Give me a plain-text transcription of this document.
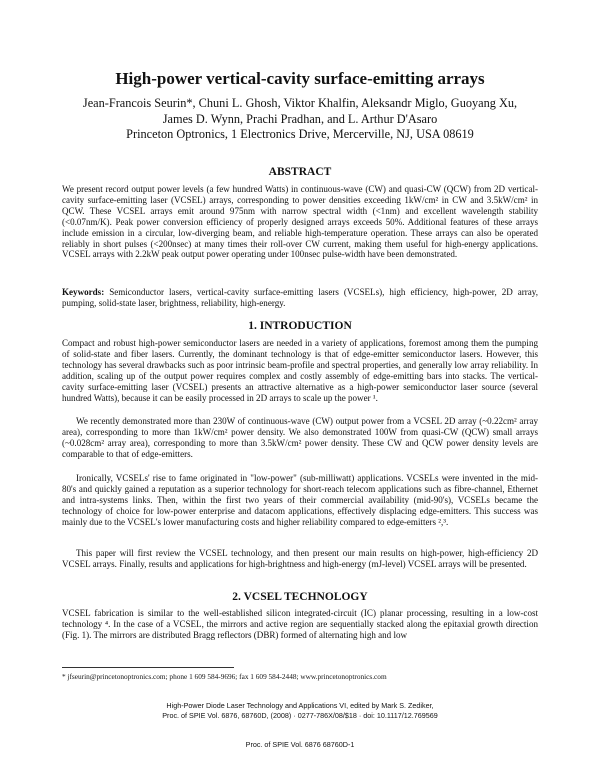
High-power vertical-cavity surface-emitting arrays
Jean-Francois Seurin*, Chuni L. Ghosh, Viktor Khalfin, Aleksandr Miglo, Guoyang Xu,
James D. Wynn, Prachi Pradhan, and L. Arthur D'Asaro
Princeton Optronics, 1 Electronics Drive, Mercerville, NJ, USA 08619
ABSTRACT

We present record output power levels (a few hundred Watts) in continuous-wave (CW) and quasi-CW (QCW) from 2D vertical-cavity surface-emitting laser (VCSEL) arrays, corresponding to power densities exceeding 1kW/cm² in CW and 3.5kW/cm² in QCW. These VCSEL arrays emit around 975nm with narrow spectral width (<1nm) and excellent wavelength stability (<0.07nm/K). Peak power conversion efficiency of properly designed arrays exceeds 50%. Additional features of these arrays include emission in a circular, low-diverging beam, and reliable high-temperature operation. These arrays can also be operated reliably in short pulses (<200nsec) at many times their roll-over CW current, making them useful for high-energy applications. VCSEL arrays with 2.2kW peak output power operating under 100nsec pulse-width have been demonstrated.

Keywords: Semiconductor lasers, vertical-cavity surface-emitting lasers (VCSELs), high efficiency, high-power, 2D array, pumping, solid-state laser, brightness, reliability, high-energy.

1. INTRODUCTION

Compact and robust high-power semiconductor lasers are needed in a variety of applications, foremost among them the pumping of solid-state and fiber lasers. Currently, the dominant technology is that of edge-emitter semiconductor lasers. However, this technology has several drawbacks such as poor intrinsic beam-profile and spectral properties, and generally low array reliability. In addition, scaling up of the output power requires complex and costly assembly of edge-emitting bars into stacks. The vertical-cavity surface-emitting laser (VCSEL) presents an attractive alternative as a high-power semiconductor laser source (several hundred Watts), because it can be easily processed in 2D arrays to scale up the power ¹.

We recently demonstrated more than 230W of continuous-wave (CW) output power from a VCSEL 2D array (~0.22cm² array area), corresponding to more than 1kW/cm² power density. We also demonstrated 100W from quasi-CW (QCW) small arrays (~0.028cm² array area), corresponding to more than 3.5kW/cm² power density. These CW and QCW power density levels are comparable to that of edge-emitters.

Ironically, VCSELs' rise to fame originated in "low-power" (sub-milliwatt) applications. VCSELs were invented in the mid-80's and quickly gained a reputation as a superior technology for short-reach telecom applications such as fibre-channel, Ethernet and intra-systems links. Then, within the first two years of their commercial availability (mid-90's), VCSELs became the technology of choice for low-power enterprise and datacom applications, effectively displacing edge-emitters. This success was mainly due to the VCSEL's lower manufacturing costs and higher reliability compared to edge-emitters ²,³.

This paper will first review the VCSEL technology, and then present our main results on high-power, high-efficiency 2D VCSEL arrays. Finally, results and applications for high-brightness and high-energy (mJ-level) VCSEL arrays will be presented.

2. VCSEL TECHNOLOGY

VCSEL fabrication is similar to the well-established silicon integrated-circuit (IC) planar processing, resulting in a low-cost technology ⁴. In the case of a VCSEL, the mirrors and active region are sequentially stacked along the epitaxial growth direction (Fig. 1). The mirrors are distributed Bragg reflectors (DBR) formed of alternating high and low

* jfseurin@princetonoptronics.com; phone 1 609 584-9696; fax 1 609 584-2448; www.princetonoptronics.com
High-Power Diode Laser Technology and Applications VI, edited by Mark S. Zediker,
Proc. of SPIE Vol. 6876, 68760D, (2008) · 0277-786X/08/$18 · doi: 10.1117/12.769569
Proc. of SPIE Vol. 6876 68760D-1
